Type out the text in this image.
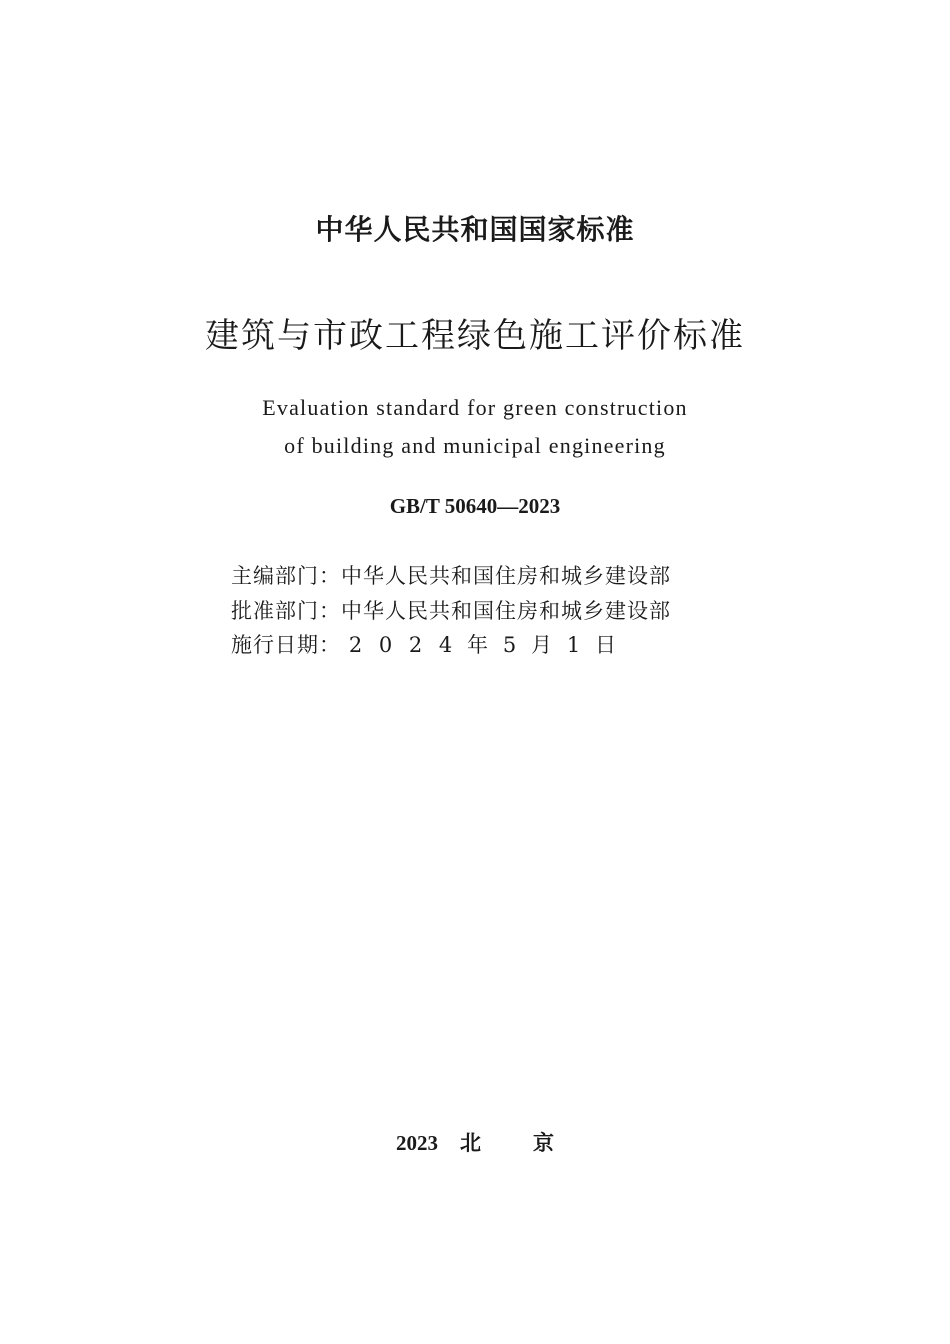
中华人民共和国国家标准
建筑与市政工程绿色施工评价标准
Evaluation standard for green construction
of building and municipal engineering
GB/T 50640—2023
主编部门：中华人民共和国住房和城乡建设部
批准部门：中华人民共和国住房和城乡建设部
施行日期： 2 0 2 4 年 5 月 1 日
2023 北 京
